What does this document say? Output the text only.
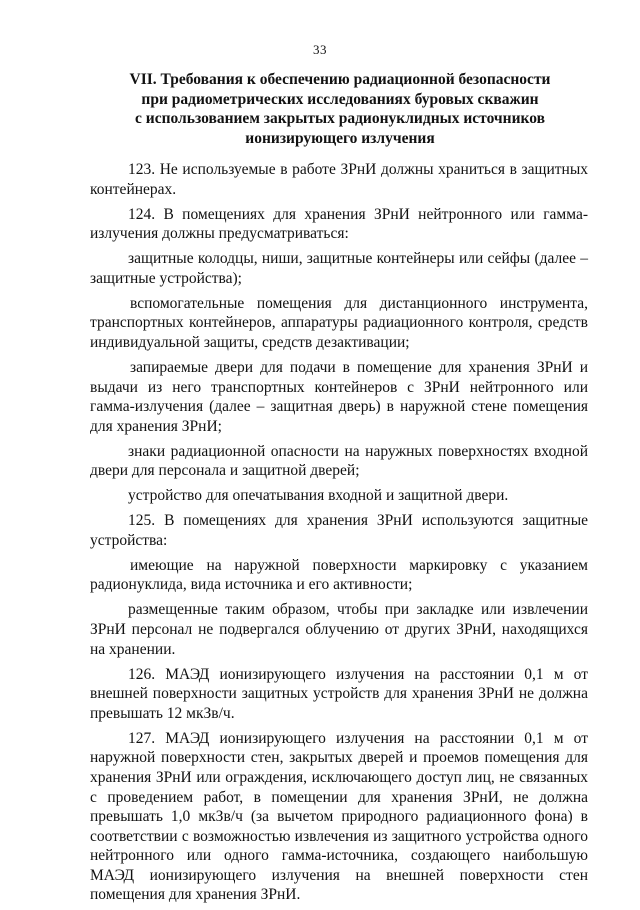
33
VII. Требования к обеспечению радиационной безопасности
при радиометрических исследованиях буровых скважин
с использованием закрытых радионуклидных источников
ионизирующего излучения

123. Не используемые в работе ЗРнИ должны храниться в защитных контейнерах.

124. В помещениях для хранения ЗРнИ нейтронного или гамма-излучения должны предусматриваться:

защитные колодцы, ниши, защитные контейнеры или сейфы (далее – защитные устройства);

вспомогательные помещения для дистанционного инструмента, транспортных контейнеров, аппаратуры радиационного контроля, средств индивидуальной защиты, средств дезактивации;

запираемые двери для подачи в помещение для хранения ЗРнИ и выдачи из него транспортных контейнеров с ЗРнИ нейтронного или гамма-излучения (далее – защитная дверь) в наружной стене помещения для хранения ЗРнИ;

знаки радиационной опасности на наружных поверхностях входной двери для персонала и защитной дверей;

устройство для опечатывания входной и защитной двери.

125. В помещениях для хранения ЗРнИ используются защитные устройства:

имеющие на наружной поверхности маркировку с указанием радионуклида, вида источника и его активности;

размещенные таким образом, чтобы при закладке или извлечении ЗРнИ персонал не подвергался облучению от других ЗРнИ, находящихся на хранении.

126. МАЭД ионизирующего излучения на расстоянии 0,1 м от внешней поверхности защитных устройств для хранения ЗРнИ не должна превышать 12 мкЗв/ч.

127. МАЭД ионизирующего излучения на расстоянии 0,1 м от наружной поверхности стен, закрытых дверей и проемов помещения для хранения ЗРнИ или ограждения, исключающего доступ лиц, не связанных с проведением работ, в помещении для хранения ЗРнИ, не должна превышать 1,0 мкЗв/ч (за вычетом природного радиационного фона) в соответствии с возможностью извлечения из защитного устройства одного нейтронного или одного гамма-источника, создающего наибольшую МАЭД ионизирующего излучения на внешней поверхности стен помещения для хранения ЗРнИ.
